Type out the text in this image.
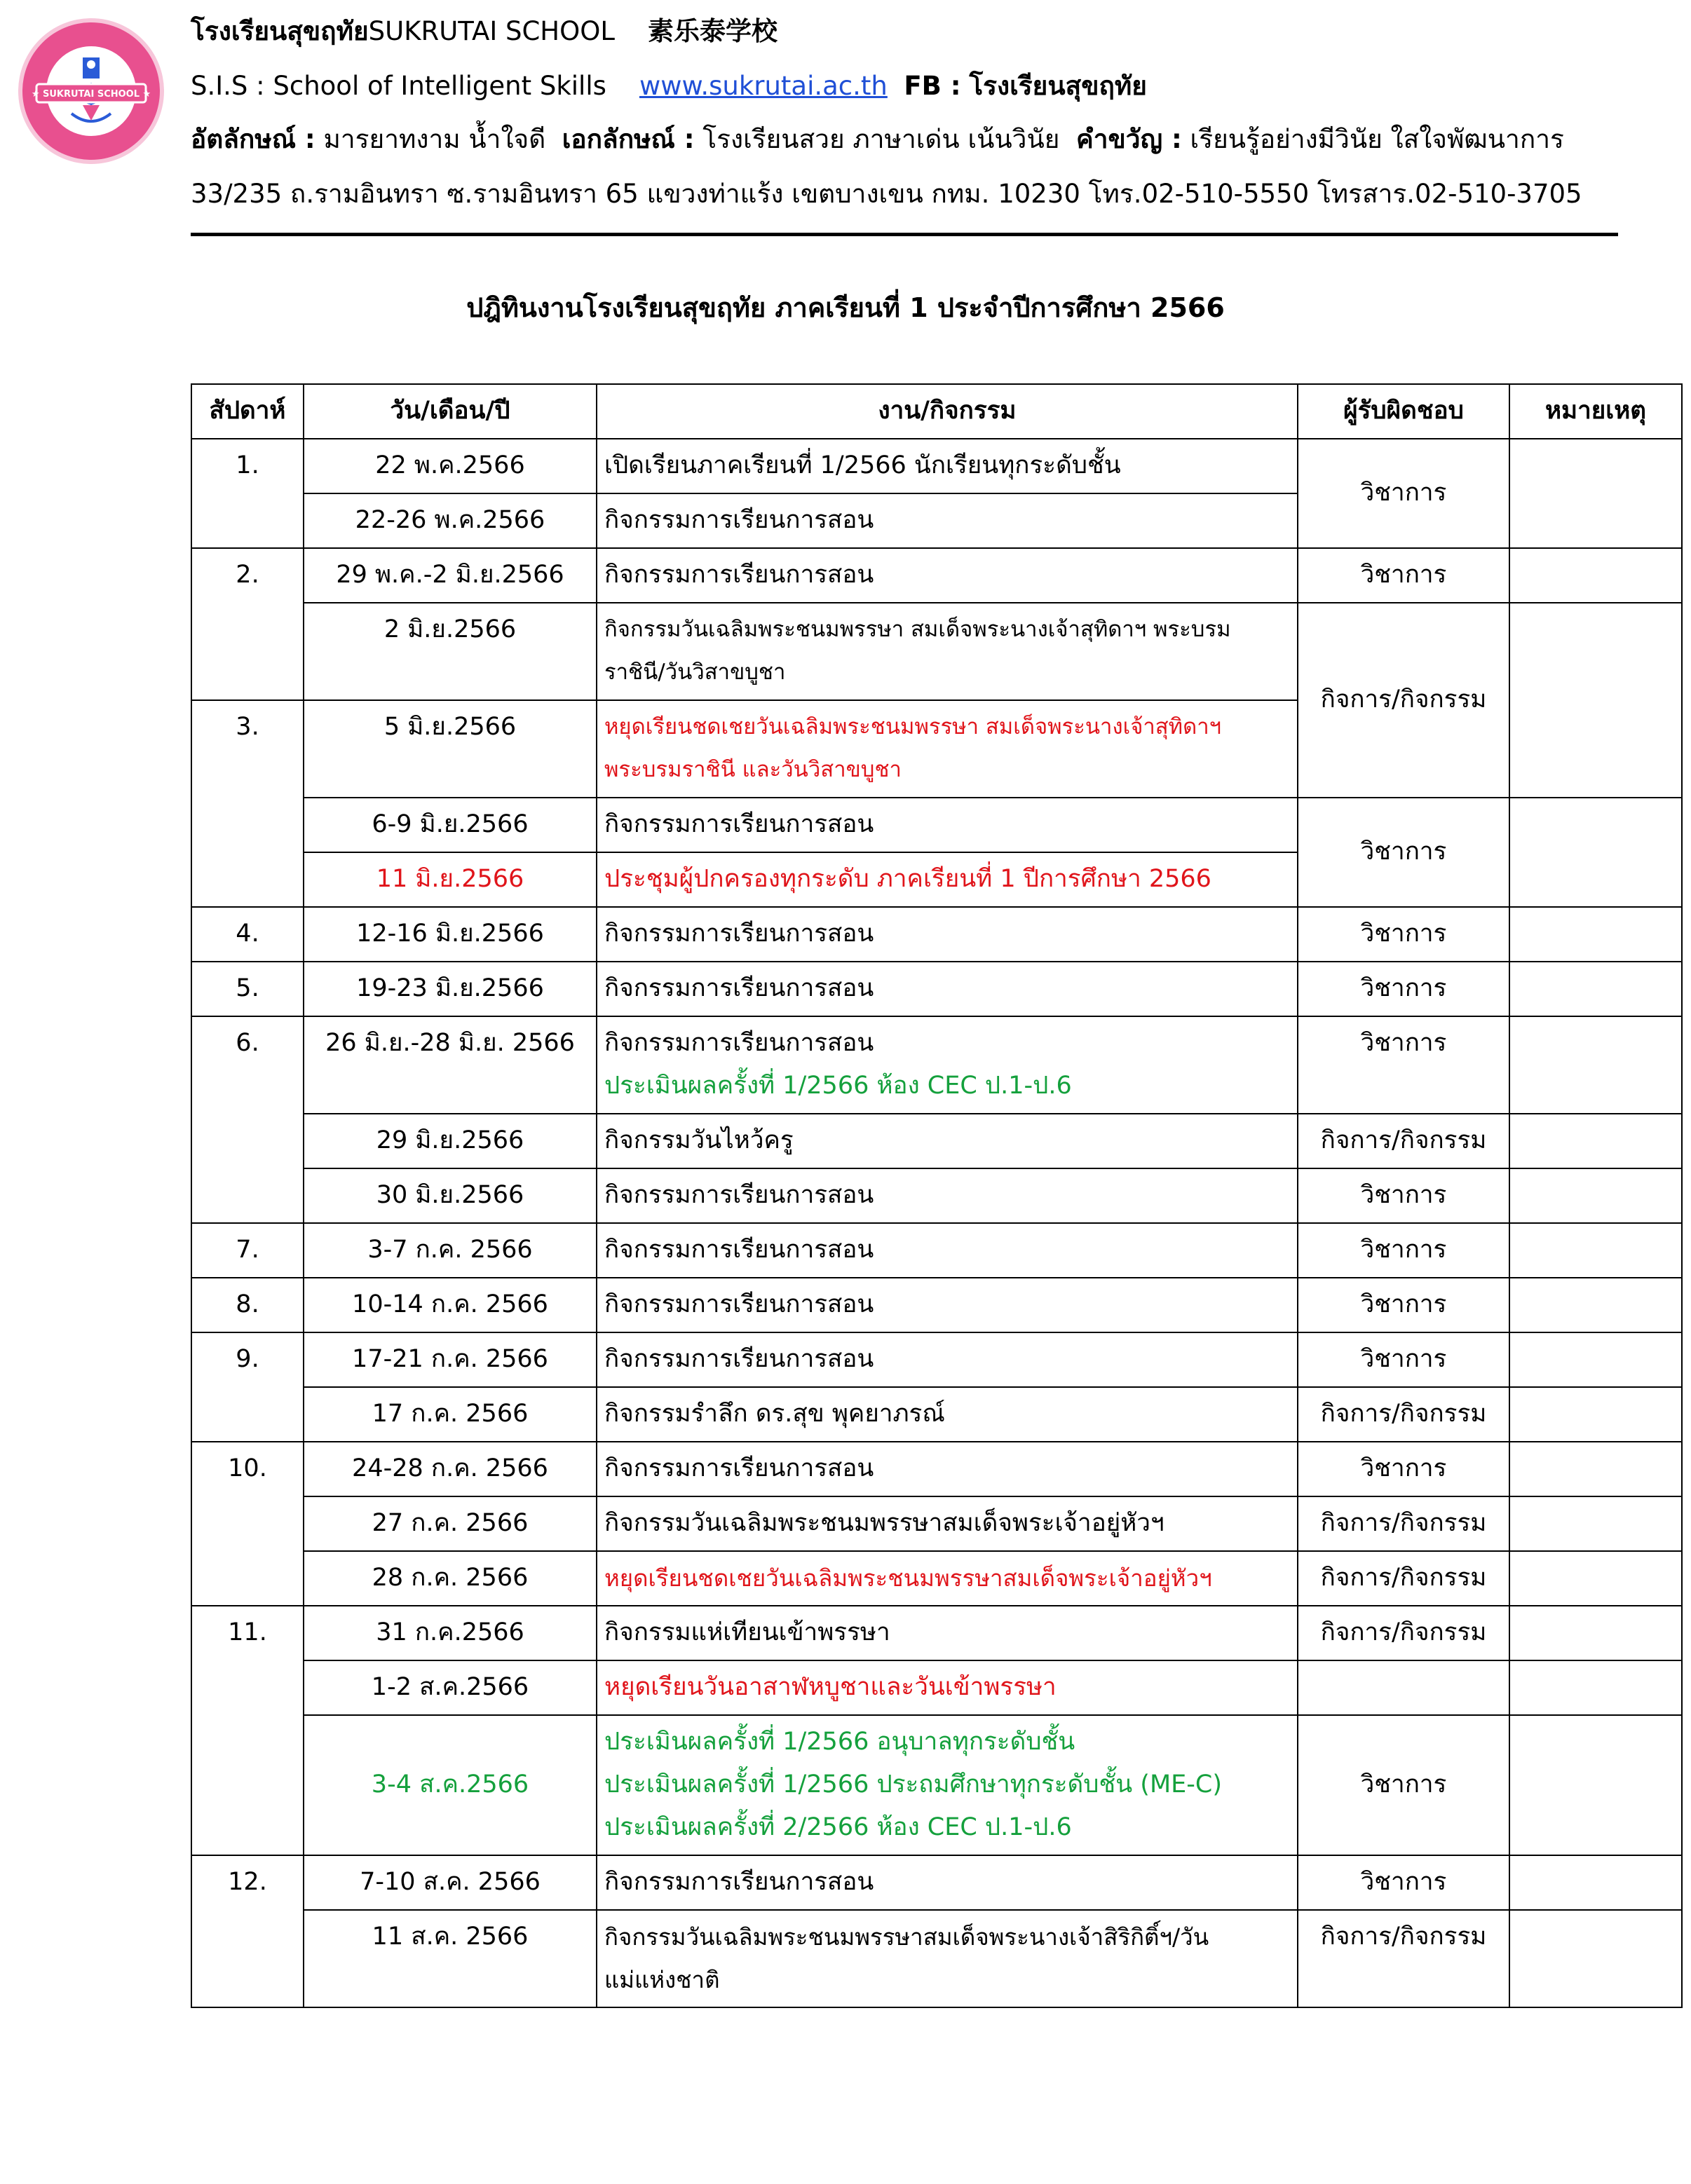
★ SUKRUTAI SCHOOL ★
โรงเรียนสุขฤทัยSUKRUTAI SCHOOL 素乐泰学校
S.I.S : School of Intelligent Skills www.sukrutai.ac.th FB : โรงเรียนสุขฤทัย
อัตลักษณ์ : มารยาทงาม น้ำใจดี เอกลักษณ์ : โรงเรียนสวย ภาษาเด่น เน้นวินัย คำขวัญ : เรียนรู้อย่างมีวินัย ใสใจพัฒนาการ
33/235 ถ.รามอินทรา ซ.รามอินทรา 65 แขวงท่าแร้ง เขตบางเขน กทม. 10230 โทร.02-510-5550 โทรสาร.02-510-3705
ปฎิทินงานโรงเรียนสุขฤทัย ภาคเรียนที่ 1 ประจำปีการศึกษา 2566
สัปดาห์	วัน/เดือน/ปี	งาน/กิจกรรม	ผู้รับผิดชอบ	หมายเหตุ
1.	22 พ.ค.2566	เปิดเรียนภาคเรียนที่ 1/2566 นักเรียนทุกระดับชั้น	วิชาการ	
	22-26 พ.ค.2566	กิจกรรมการเรียนการสอน		

2.	29 พ.ค.-2 มิ.ย.2566	กิจกรรมการเรียนการสอน	วิชาการ	
	2 มิ.ย.2566	กิจกรรมวันเฉลิมพระชนมพรรษา สมเด็จพระนางเจ้าสุทิดาฯ พระบรม
ราชินี/วันวิสาขบูชา	กิจการ/กิจกรรม	
3.	5 มิ.ย.2566	หยุดเรียนชดเชยวันเฉลิมพระชนมพรรษา สมเด็จพระนางเจ้าสุทิดาฯ
พระบรมราชินี และวันวิสาขบูชา		

	6-9 มิ.ย.2566	กิจกรรมการเรียนการสอน	วิชาการ	
	11 มิ.ย.2566	ประชุมผู้ปกครองทุกระดับ ภาคเรียนที่ 1 ปีการศึกษา 2566		

4.	12-16 มิ.ย.2566	กิจกรรมการเรียนการสอน	วิชาการ	
5.	19-23 มิ.ย.2566	กิจกรรมการเรียนการสอน	วิชาการ	
6.	26 มิ.ย.-28 มิ.ย. 2566	กิจกรรมการเรียนการสอน
ประเมินผลครั้งที่ 1/2566 ห้อง CEC ป.1-ป.6	วิชาการ	
	29 มิ.ย.2566	กิจกรรมวันไหว้ครู	กิจการ/กิจกรรม	
	30 มิ.ย.2566	กิจกรรมการเรียนการสอน	วิชาการ	
7.	3-7 ก.ค. 2566	กิจกรรมการเรียนการสอน	วิชาการ	
8.	10-14 ก.ค. 2566	กิจกรรมการเรียนการสอน	วิชาการ	
9.	17-21 ก.ค. 2566	กิจกรรมการเรียนการสอน	วิชาการ	
	17 ก.ค. 2566	กิจกรรมรำลึก ดร.สุข พุคยาภรณ์	กิจการ/กิจกรรม	
10.	24-28 ก.ค. 2566	กิจกรรมการเรียนการสอน	วิชาการ	
	27 ก.ค. 2566	กิจกรรมวันเฉลิมพระชนมพรรษาสมเด็จพระเจ้าอยู่หัวฯ	กิจการ/กิจกรรม	
	28 ก.ค. 2566	หยุดเรียนชดเชยวันเฉลิมพระชนมพรรษาสมเด็จพระเจ้าอยู่หัวฯ	กิจการ/กิจกรรม	
11.	31 ก.ค.2566	กิจกรรมแห่เทียนเข้าพรรษา	กิจการ/กิจกรรม	
	1-2 ส.ค.2566	หยุดเรียนวันอาสาฬหบูชาและวันเข้าพรรษา		

	3-4 ส.ค.2566	ประเมินผลครั้งที่ 1/2566 อนุบาลทุกระดับชั้น
ประเมินผลครั้งที่ 1/2566 ประถมศึกษาทุกระดับชั้น (ME-C)
ประเมินผลครั้งที่ 2/2566 ห้อง CEC ป.1-ป.6	วิชาการ	
12.	7-10 ส.ค. 2566	กิจกรรมการเรียนการสอน	วิชาการ	
	11 ส.ค. 2566	กิจกรรมวันเฉลิมพระชนมพรรษาสมเด็จพระนางเจ้าสิริกิติ์ฯ/วัน
แม่แห่งชาติ	กิจการ/กิจกรรม	
